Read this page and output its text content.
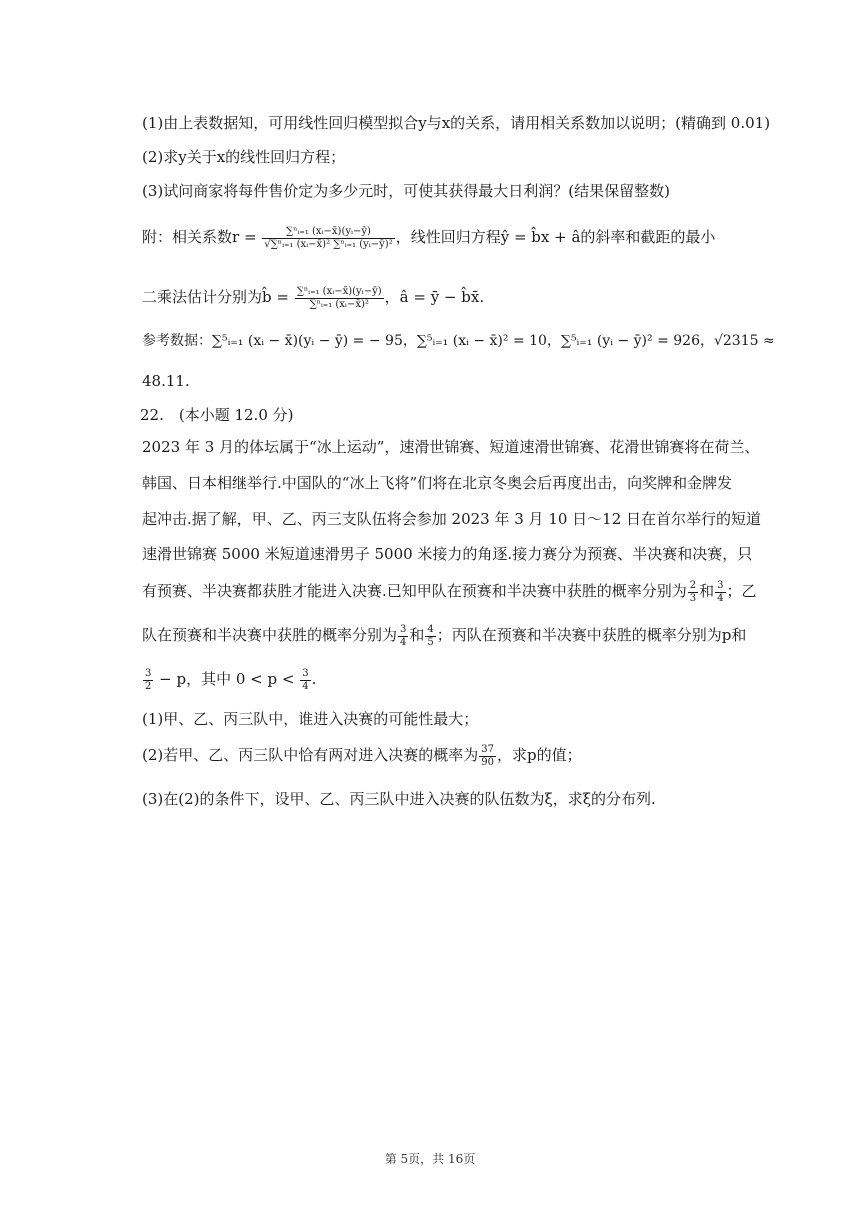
(1)由上表数据知，可用线性回归模型拟合y与x的关系，请用相关系数加以说明；(精确到 0.01)
(2)求y关于x的线性回归方程；
(3)试问商家将每件售价定为多少元时，可使其获得最大日利润？(结果保留整数)
附：相关系数$r = \frac{\text{∑ⁿᵢ₌₁ (xᵢ−x̄)(yᵢ−ȳ)}}{\text{√∑ⁿᵢ₌₁ (xᵢ−x̄)² ∑ⁿᵢ₌₁ (yᵢ−ȳ)²}}$ ，线性回归方程ŷ = b̂x + â的斜率和截距的最小
二乘法估计分别为b̂ = $\frac{\text{∑ⁿᵢ₌₁ (xᵢ−x̄)(yᵢ−ȳ)}}{\text{∑ⁿᵢ₌₁ (xᵢ−x̄)²}}$ ，â = ȳ − b̂x̄.
参考数据：∑⁵ᵢ₌₁ (xᵢ − x̄)(yᵢ − ȳ) = − 95，∑⁵ᵢ₌₁ (xᵢ − x̄)² = 10，∑⁵ᵢ₌₁ (yᵢ − ȳ)² = 926，√2315 ≈
48.11.
22.　(本小题 12.0 分)
2023 年 3 月的体坛属于“冰上运动”，速滑世锦赛、短道速滑世锦赛、花滑世锦赛将在荷兰、
韩国、日本相继举行.中国队的“冰上飞将”们将在北京冬奥会后再度出击，向奖牌和金牌发
起冲击.据了解，甲、乙、丙三支队伍将会参加 2023 年 3 月 10 日～12 日在首尔举行的短道
速滑世锦赛 5000 米短道速滑男子 5000 米接力的角逐.接力赛分为预赛、半决赛和决赛，只
有预赛、半决赛都获胜才能进入决赛.已知甲队在预赛和半决赛中获胜的概率分别为 $\frac{2}{3}$ 和 $\frac{3}{4}$ ；乙
队在预赛和半决赛中获胜的概率分别为 $\frac{3}{4}$ 和 $\frac{4}{5}$ ；丙队在预赛和半决赛中获胜的概率分别为p和
$\frac{3}{2} - p$，其中 $0 < p < \frac{3}{4}$ .
(1)甲、乙、丙三队中，谁进入决赛的可能性最大；
(2)若甲、乙、丙三队中恰有两对进入决赛的概率为 $\frac{37}{90}$ ，求p的值；
(3)在(2)的条件下，设甲、乙、丙三队中进入决赛的队伍数为ξ，求ξ的分布列.
第 5页，共 16页
